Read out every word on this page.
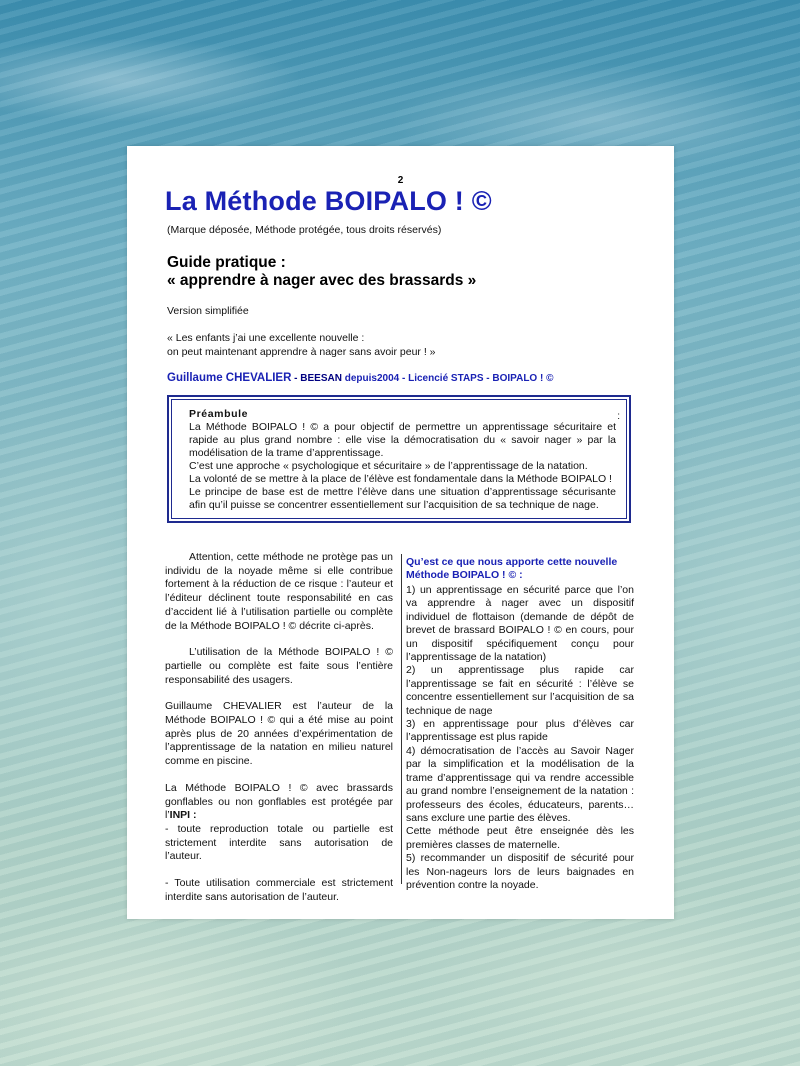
2
La Méthode BOIPALO ! ©
(Marque déposée, Méthode protégée, tous droits réservés)
Guide pratique :
« apprendre à nager avec des brassards »
Version simplifiée
« Les enfants j’ai une excellente nouvelle :
on peut maintenant apprendre à nager sans avoir peur ! »
Guillaume CHEVALIER - BEESAN depuis2004 - Licencié STAPS - BOIPALO ! ©
Préambule	:

La Méthode BOIPALO ! © a pour objectif de permettre un apprentissage sécuritaire et rapide au plus grand nombre : elle vise la démocratisation du « savoir nager » par la modélisation de la trame d’apprentissage.

C’est une approche « psychologique et sécuritaire » de l’apprentissage de la natation.

La volonté de se mettre à la place de l’élève est fondamentale dans la Méthode BOIPALO !

Le principe de base est de mettre l’élève dans une situation d’apprentissage sécurisante afin qu’il puisse se concentrer essentiellement sur l’acquisition de sa technique de nage.

Attention, cette méthode ne protège pas un individu de la noyade même si elle contribue fortement à la réduction de ce risque : l’auteur et l’éditeur déclinent toute responsabilité en cas d’accident lié à l’utilisation partielle ou complète de la Méthode BOIPALO ! © décrite ci-après.

L’utilisation de la Méthode BOIPALO ! © partielle ou complète est faite sous l’entière responsabilité des usagers.

Guillaume CHEVALIER est l’auteur de la Méthode BOIPALO ! © qui a été mise au point après plus de 20 années d’expérimentation de l’apprentissage de la natation en milieu naturel comme en piscine.

La Méthode BOIPALO ! © avec brassards gonflables ou non gonflables est protégée par l’INPI :
- toute reproduction totale ou partielle est strictement interdite sans autorisation de l’auteur.

- Toute utilisation commerciale est strictement interdite sans autorisation de l’auteur.

Qu’est ce que nous apporte cette nouvelle Méthode BOIPALO ! © :

1) un apprentissage en sécurité parce que l’on va apprendre à nager avec un dispositif individuel de flottaison (demande de dépôt de brevet de brassard BOIPALO ! © en cours, pour un dispositif spécifiquement conçu pour l’apprentissage de la natation)

2) un apprentissage plus rapide car l’apprentissage se fait en sécurité : l’élève se concentre essentiellement sur l’acquisition de sa technique de nage

3) en apprentissage pour plus d’élèves car l’apprentissage est plus rapide

4) démocratisation de l’accès au Savoir Nager par la simplification et la modélisation de la trame d’apprentissage qui va rendre accessible au grand nombre l’enseignement de la natation : professeurs des écoles, éducateurs, parents… sans exclure une partie des élèves.

Cette méthode peut être enseignée dès les premières classes de maternelle.

5) recommander un dispositif de sécurité pour les Non-nageurs lors de leurs baignades en prévention contre la noyade.
